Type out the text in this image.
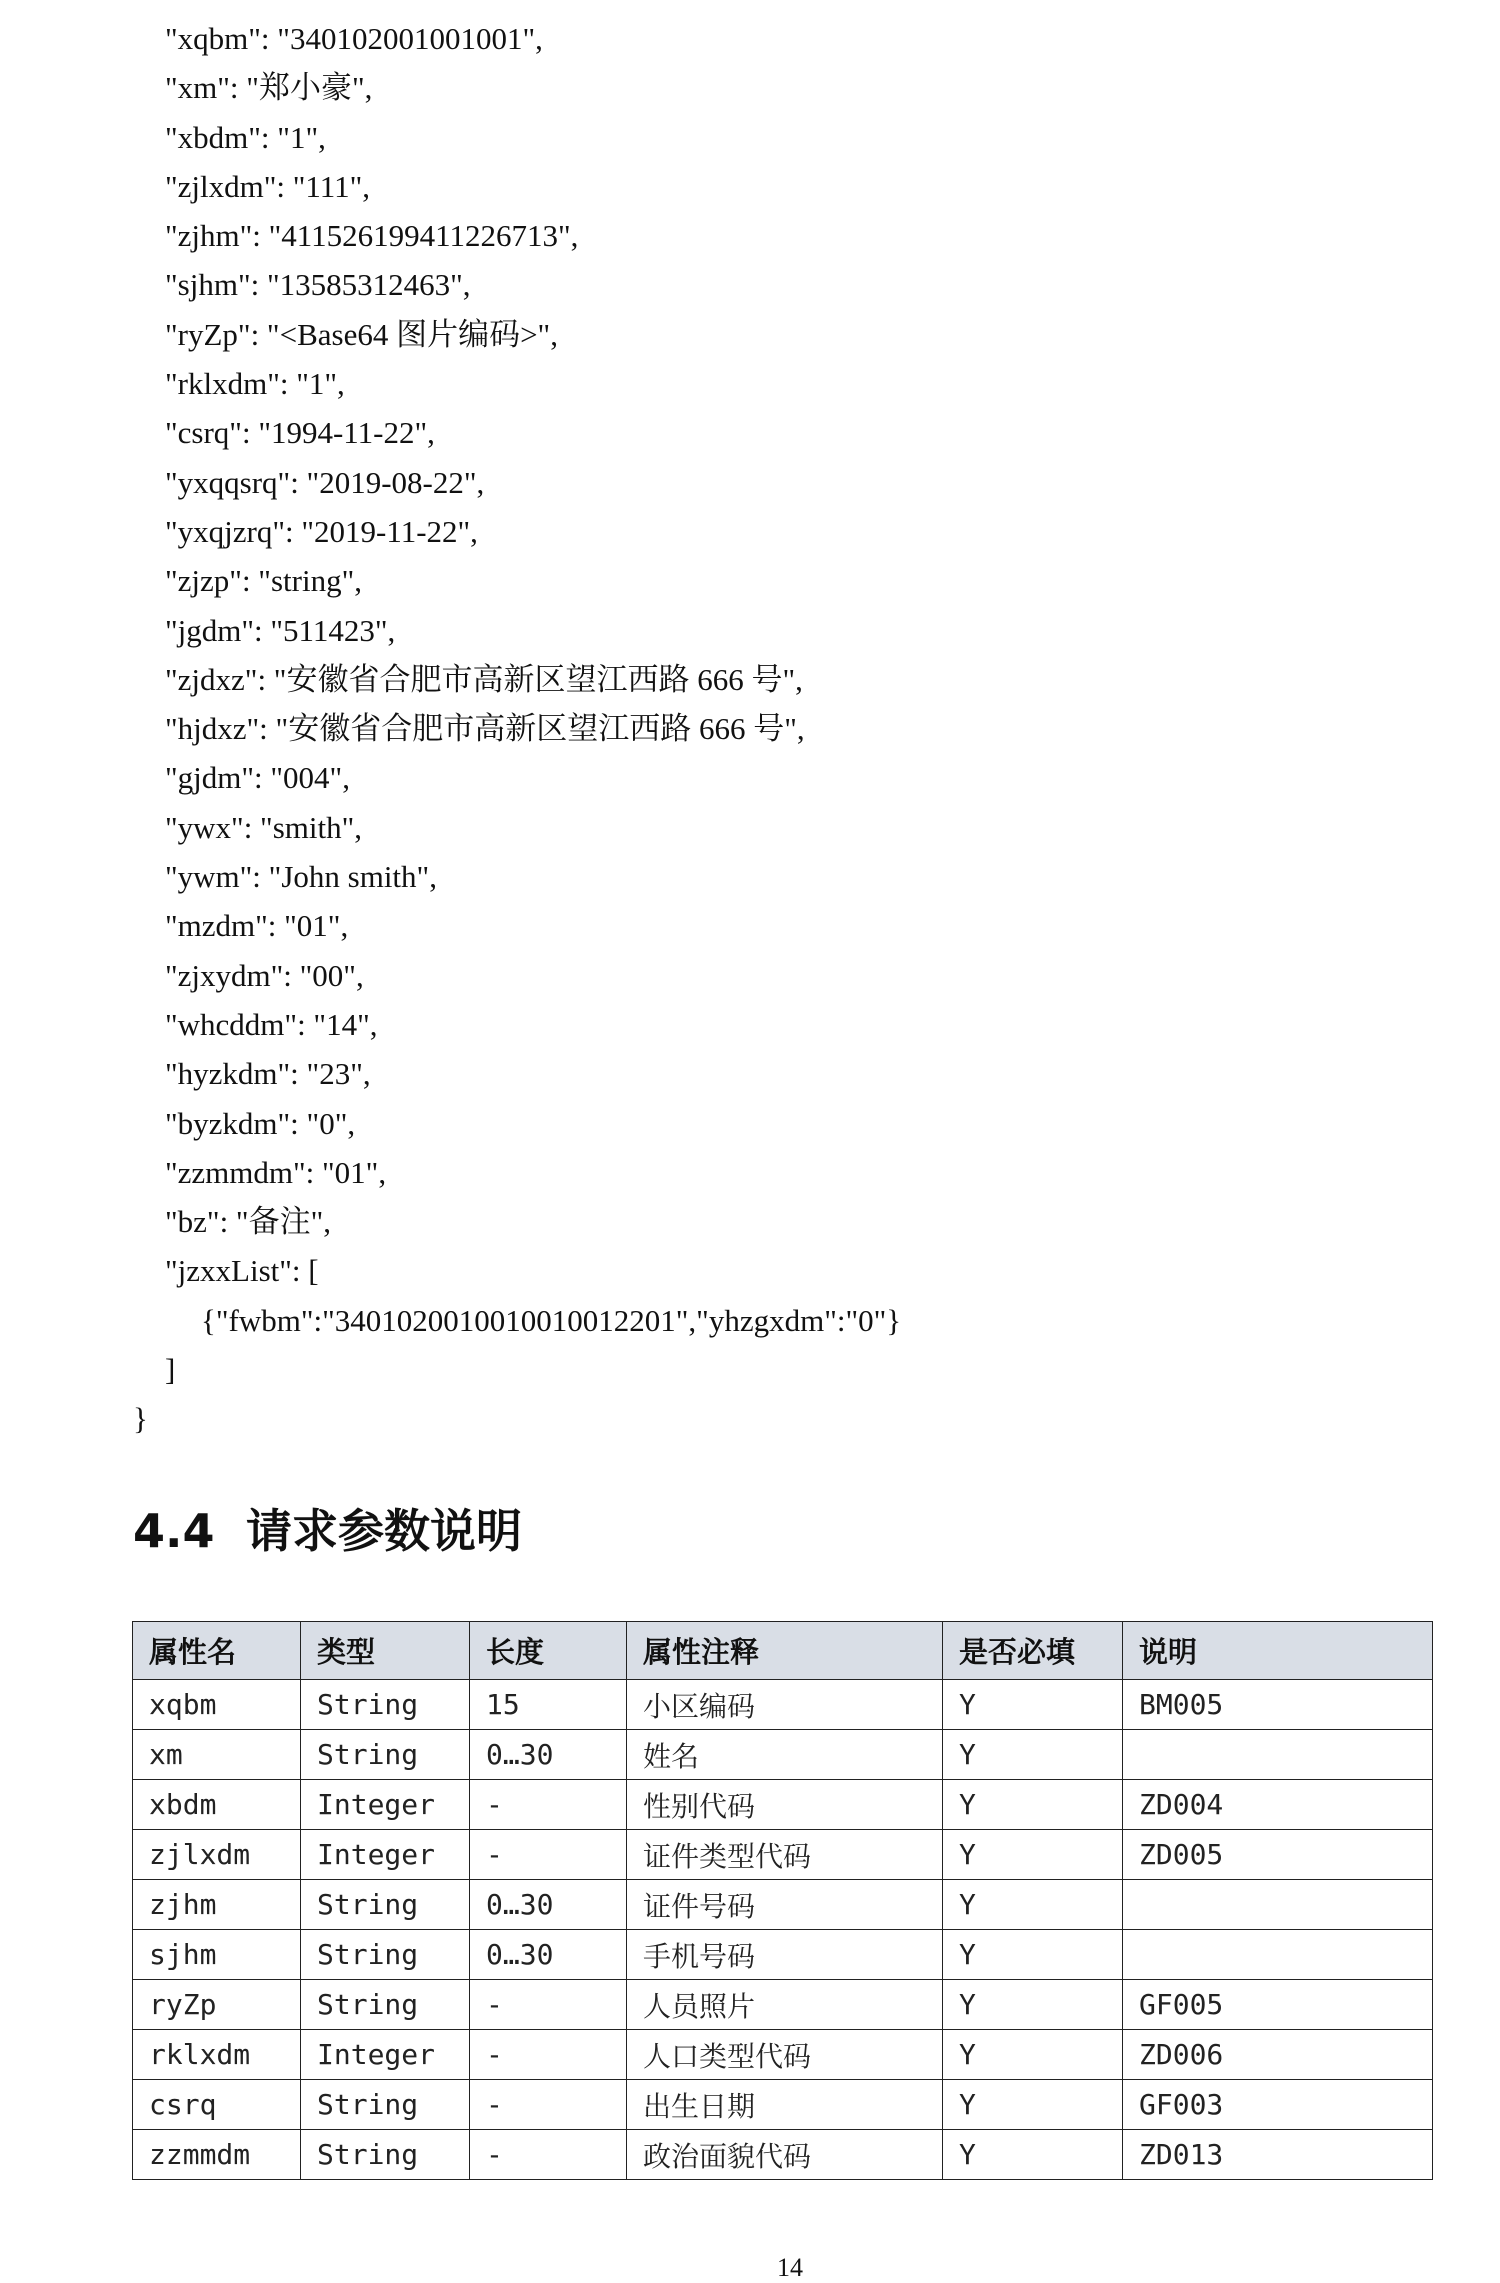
"xqbm": "340102001001001",
"xm": "郑小豪",
"xbdm": "1",
"zjlxdm": "111",
"zjhm": "411526199411226713",
"sjhm": "13585312463",
"ryZp": "<Base64 图片编码>",
"rklxdm": "1",
"csrq": "1994-11-22",
"yxqqsrq": "2019-08-22",
"yxqjzrq": "2019-11-22",
"zjzp": "string",
"jgdm": "511423",
"zjdxz": "安徽省合肥市高新区望江西路 666 号",
"hjdxz": "安徽省合肥市高新区望江西路 666 号",
"gjdm": "004",
"ywx": "smith",
"ywm": "John smith",
"mzdm": "01",
"zjxydm": "00",
"whcddm": "14",
"hyzkdm": "23",
"byzkdm": "0",
"zzmmdm": "01",
"bz": "备注",
"jzxxList": [
{"fwbm":"3401020010010010012201","yhzgxdm":"0"}
]
}
4.4 请求参数说明
属性名	类型	长度	属性注释	是否必填	说明
xqbm	String	15	小区编码	Y	BM005
xm	String	0…30	姓名	Y	
xbdm	Integer	-	性别代码	Y	ZD004
zjlxdm	Integer	-	证件类型代码	Y	ZD005
zjhm	String	0…30	证件号码	Y	
sjhm	String	0…30	手机号码	Y	
ryZp	String	-	人员照片	Y	GF005
rklxdm	Integer	-	人口类型代码	Y	ZD006
csrq	String	-	出生日期	Y	GF003
zzmmdm	String	-	政治面貌代码	Y	ZD013
14
